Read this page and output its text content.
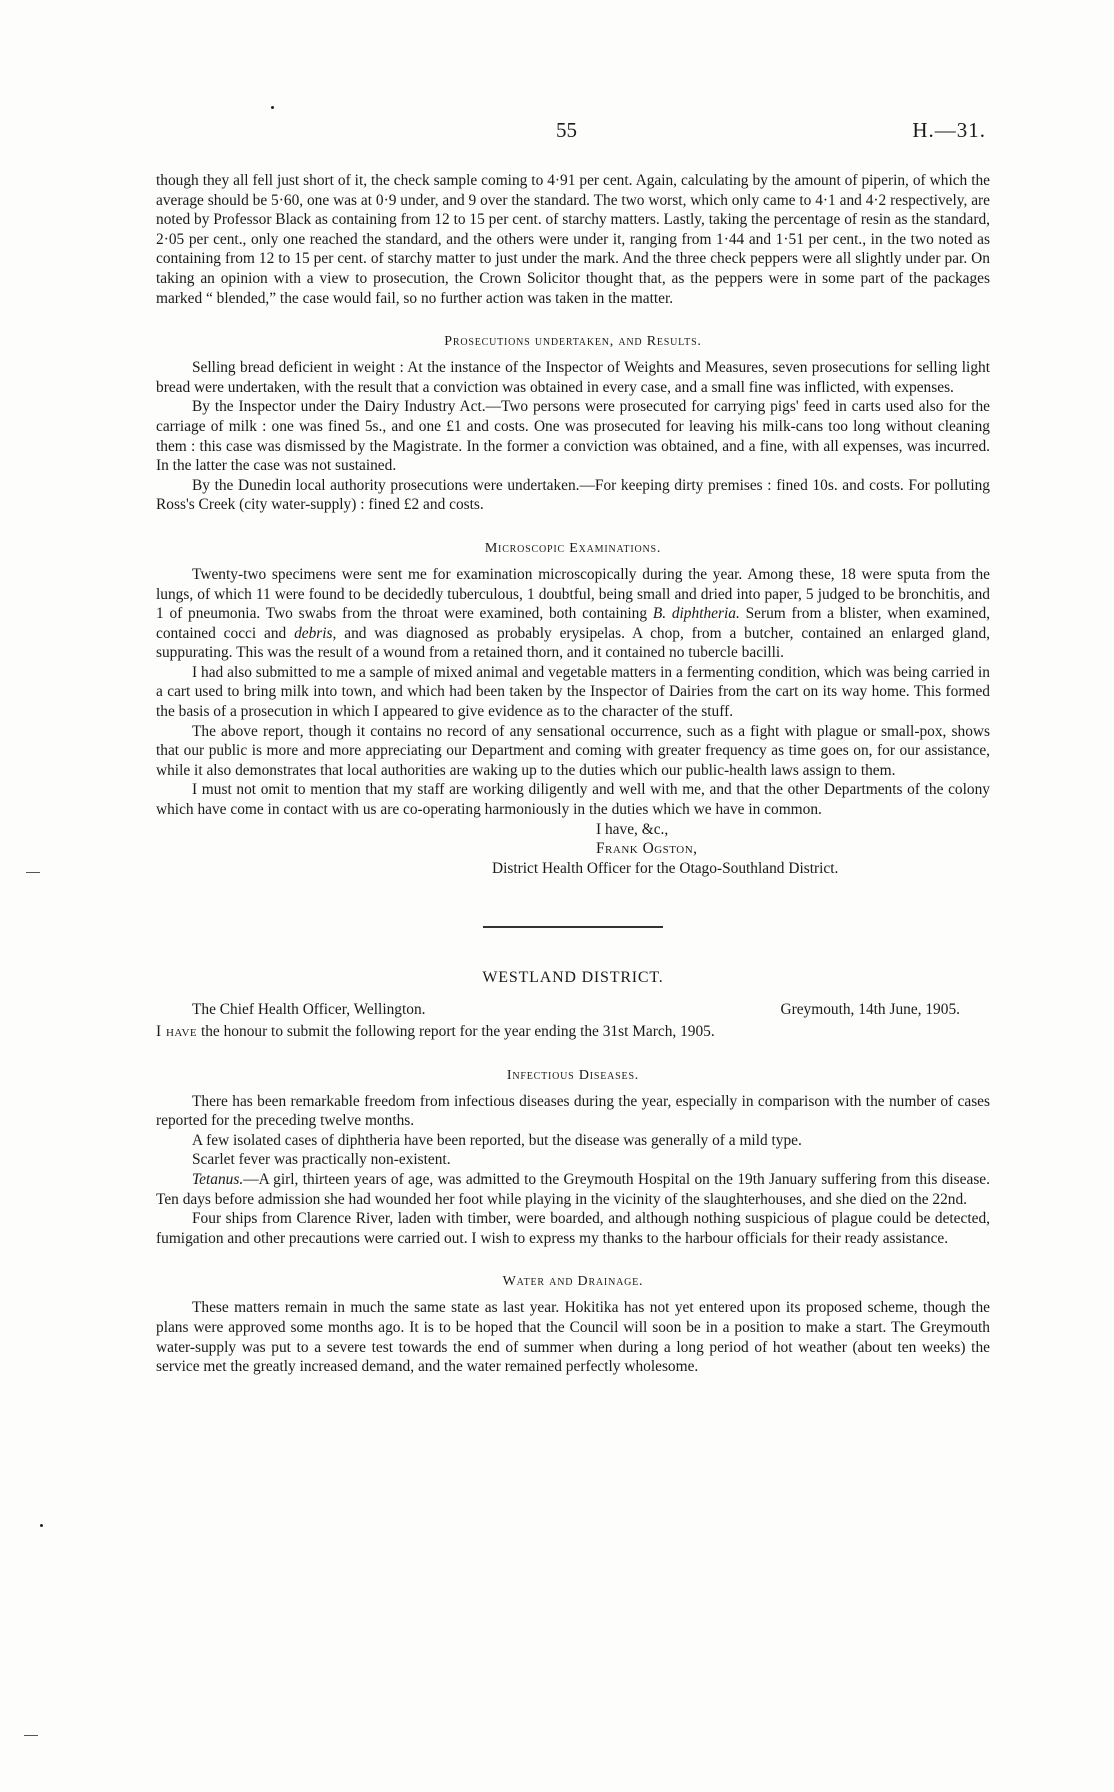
55	H.—31.

though they all fell just short of it, the check sample coming to 4·91 per cent. Again, calculating by the amount of piperin, of which the average should be 5·60, one was at 0·9 under, and 9 over the standard. The two worst, which only came to 4·1 and 4·2 respectively, are noted by Professor Black as containing from 12 to 15 per cent. of starchy matters. Lastly, taking the percentage of resin as the standard, 2·05 per cent., only one reached the standard, and the others were under it, ranging from 1·44 and 1·51 per cent., in the two noted as containing from 12 to 15 per cent. of starchy matter to just under the mark. And the three check peppers were all slightly under par. On taking an opinion with a view to prosecution, the Crown Solicitor thought that, as the peppers were in some part of the packages marked “ blended,” the case would fail, so no further action was taken in the matter.

Prosecutions undertaken, and Results.

Selling bread deficient in weight : At the instance of the Inspector of Weights and Measures, seven prosecutions for selling light bread were undertaken, with the result that a conviction was obtained in every case, and a small fine was inflicted, with expenses.

By the Inspector under the Dairy Industry Act.—Two persons were prosecuted for carrying pigs' feed in carts used also for the carriage of milk : one was fined 5s., and one £1 and costs. One was prosecuted for leaving his milk-cans too long without cleaning them : this case was dismissed by the Magistrate. In the former a conviction was obtained, and a fine, with all expenses, was incurred. In the latter the case was not sustained.

By the Dunedin local authority prosecutions were undertaken.—For keeping dirty premises : fined 10s. and costs. For polluting Ross's Creek (city water-supply) : fined £2 and costs.

Microscopic Examinations.

Twenty-two specimens were sent me for examination microscopically during the year. Among these, 18 were sputa from the lungs, of which 11 were found to be decidedly tuberculous, 1 doubtful, being small and dried into paper, 5 judged to be bronchitis, and 1 of pneumonia. Two swabs from the throat were examined, both containing B. diphtheria. Serum from a blister, when examined, contained cocci and debris, and was diagnosed as probably erysipelas. A chop, from a butcher, contained an enlarged gland, suppurating. This was the result of a wound from a retained thorn, and it contained no tubercle bacilli.

I had also submitted to me a sample of mixed animal and vegetable matters in a fermenting condition, which was being carried in a cart used to bring milk into town, and which had been taken by the Inspector of Dairies from the cart on its way home. This formed the basis of a prosecution in which I appeared to give evidence as to the character of the stuff.

The above report, though it contains no record of any sensational occurrence, such as a fight with plague or small-pox, shows that our public is more and more appreciating our Department and coming with greater frequency as time goes on, for our assistance, while it also demonstrates that local authorities are waking up to the duties which our public-health laws assign to them.

I must not omit to mention that my staff are working diligently and well with me, and that the other Departments of the colony which have come in contact with us are co-operating harmoniously in the duties which we have in common.

I have, &c.,
Frank Ogston,
District Health Officer for the Otago-Southland District.
WESTLAND DISTRICT.
The Chief Health Officer, Wellington.	Greymouth, 14th June, 1905.

I have the honour to submit the following report for the year ending the 31st March, 1905.

Infectious Diseases.

There has been remarkable freedom from infectious diseases during the year, especially in comparison with the number of cases reported for the preceding twelve months.

A few isolated cases of diphtheria have been reported, but the disease was generally of a mild type.

Scarlet fever was practically non-existent.

Tetanus.—A girl, thirteen years of age, was admitted to the Greymouth Hospital on the 19th January suffering from this disease. Ten days before admission she had wounded her foot while playing in the vicinity of the slaughterhouses, and she died on the 22nd.

Four ships from Clarence River, laden with timber, were boarded, and although nothing suspicious of plague could be detected, fumigation and other precautions were carried out. I wish to express my thanks to the harbour officials for their ready assistance.

Water and Drainage.

These matters remain in much the same state as last year. Hokitika has not yet entered upon its proposed scheme, though the plans were approved some months ago. It is to be hoped that the Council will soon be in a position to make a start. The Greymouth water-supply was put to a severe test towards the end of summer when during a long period of hot weather (about ten weeks) the service met the greatly increased demand, and the water remained perfectly wholesome.
